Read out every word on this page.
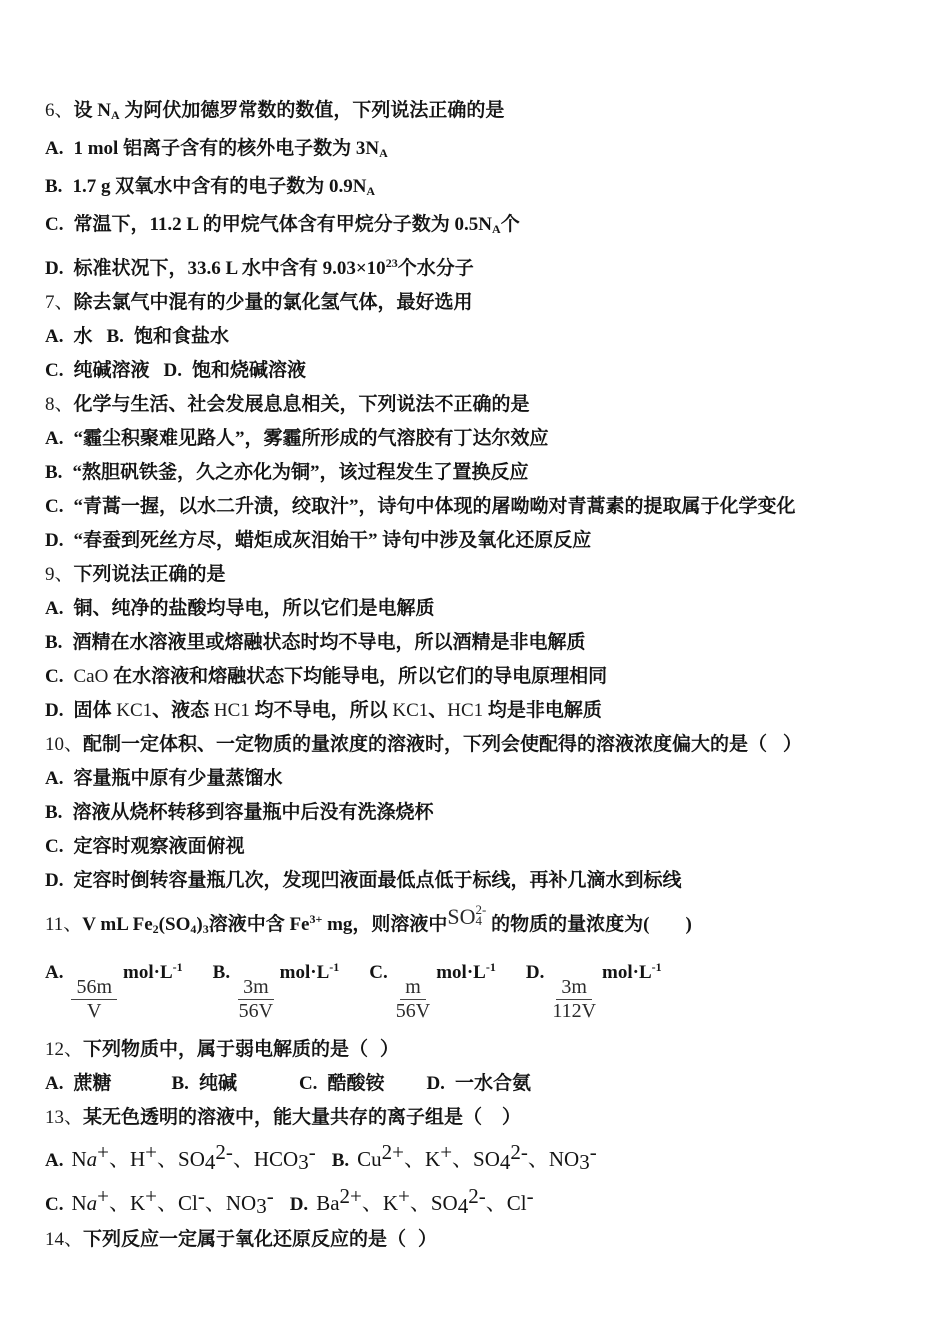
6、设 $N_A$ 为阿伏加德罗常数的数值，下列说法正确的是
A. 1 mol 铝离子含有的核外电子数为 $3N_A$
B. 1.7 g 双氧水中含有的电子数为 $0.9N_A$
C. 常温下，11.2 L 的甲烷气体含有甲烷分子数为 $0.5N_A$个
D. 标准状况下，33.6 L 水中含有 $9.03\times 10^{23}$个水分子
7、除去氯气中混有的少量的氯化氢气体，最好选用
A. 水 B. 饱和食盐水
C. 纯碱溶液 D. 饱和烧碱溶液
8、化学与生活、社会发展息息相关，下列说法不正确的是
A. “霾尘积聚难见路人”，雾霾所形成的气溶胶有丁达尔效应
B. “熬胆矾铁釜，久之亦化为铜”，该过程发生了置换反应
C. “青蒿一握，以水二升渍，绞取汁”，诗句中体现的屠呦呦对青蒿素的提取属于化学变化
D. “春蚕到死丝方尽，蜡炬成灰泪始干” 诗句中涉及氧化还原反应
9、下列说法正确的是
A. 铜、纯净的盐酸均导电，所以它们是电解质
B. 酒精在水溶液里或熔融状态时均不导电，所以酒精是非电解质
C. CaO 在水溶液和熔融状态下均能导电，所以它们的导电原理相同
D. 固体 KC1、液态 HC1 均不导电，所以 KC1、HC1 均是非电解质
10、配制一定体积、一定物质的量浓度的溶液时，下列会使配得的溶液浓度偏大的是（ ）
A. 容量瓶中原有少量蒸馏水
B. 溶液从烧杯转移到容量瓶中后没有洗涤烧杯
C. 定容时观察液面俯视
D. 定容时倒转容量瓶几次，发现凹液面最低点低于标线，再补几滴水到标线
11、V mL $Fe_2(SO_4)_3$溶液中含 $Fe^{3+}$ mg，则溶液中 SO 2-
4 的物质的量浓度为( )
A.
$\frac{56m}{V}$
$mol\cdot L^{-1}$ B.
$\frac{3m}{56V}$
$mol\cdot L^{-1}$ C.
$\frac{m}{56V}$
$mol\cdot L^{-1}$ D.
$\frac{3m}{112V}$
$mol\cdot L^{-1}$
12、下列物质中，属于弱电解质的是（ ）
A. 蔗糖	B. 纯碱	C. 酷酸铵 D. 一水合氨
13、某无色透明的溶液中，能大量共存的离子组是（ ）
A. Na+、H+、SO42-、HCO3- B. Cu2+、K+、SO42-、NO3-
C. Na+、K+、Cl-、NO3- D. Ba2+、K+、SO42-、Cl-
14、下列反应一定属于氧化还原反应的是（ ）
